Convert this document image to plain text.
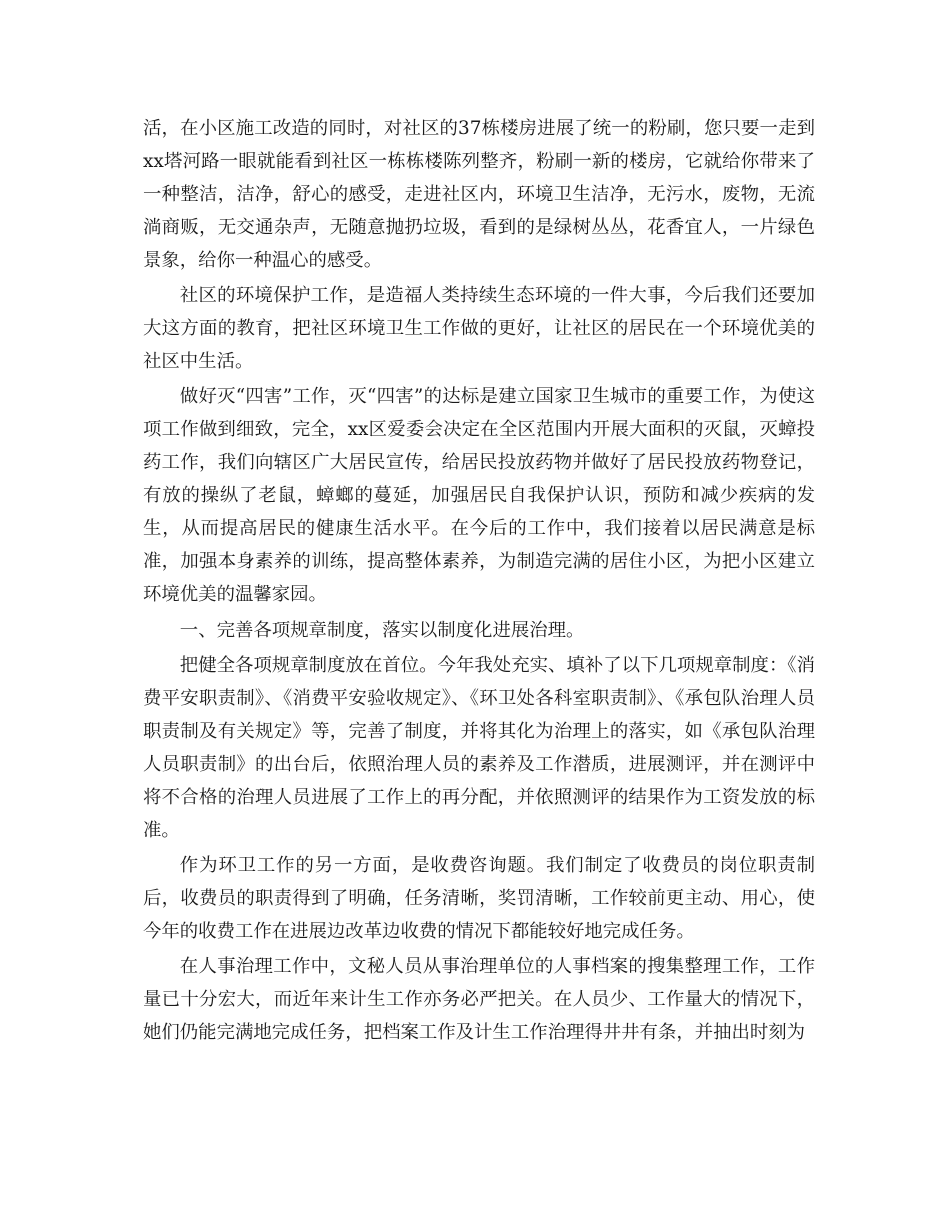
活，在小区施工改造的同时，对社区的37栋楼房进展了统一的粉刷，您只要一走到xx塔河路一眼就能看到社区一栋栋楼陈列整齐，粉刷一新的楼房，它就给你带来了一种整洁，洁净，舒心的感受，走进社区内，环境卫生洁净，无污水，废物，无流淌商贩，无交通杂声，无随意抛扔垃圾，看到的是绿树丛丛，花香宜人，一片绿色景象，给你一种温心的感受。

社区的环境保护工作，是造福人类持续生态环境的一件大事，今后我们还要加大这方面的教育，把社区环境卫生工作做的更好，让社区的居民在一个环境优美的社区中生活。

做好灭“四害”工作，灭“四害”的达标是建立国家卫生城市的重要工作，为使这项工作做到细致，完全，xx区爱委会决定在全区范围内开展大面积的灭鼠，灭蟑投药工作，我们向辖区广大居民宣传，给居民投放药物并做好了居民投放药物登记，有放的操纵了老鼠，蟑螂的蔓延，加强居民自我保护认识，预防和减少疾病的发生，从而提高居民的健康生活水平。在今后的工作中，我们接着以居民满意是标准，加强本身素养的训练，提高整体素养，为制造完满的居住小区，为把小区建立环境优美的温馨家园。

一、完善各项规章制度，落实以制度化进展治理。

把健全各项规章制度放在首位。今年我处充实、填补了以下几项规章制度：《消费平安职责制》、《消费平安验收规定》、《环卫处各科室职责制》、《承包队治理人员职责制及有关规定》等，完善了制度，并将其化为治理上的落实，如《承包队治理人员职责制》的出台后，依照治理人员的素养及工作潜质，进展测评，并在测评中将不合格的治理人员进展了工作上的再分配，并依照测评的结果作为工资发放的标准。

作为环卫工作的另一方面，是收费咨询题。我们制定了收费员的岗位职责制后，收费员的职责得到了明确，任务清晰，奖罚清晰，工作较前更主动、用心，使今年的收费工作在进展边改革边收费的情况下都能较好地完成任务。

在人事治理工作中，文秘人员从事治理单位的人事档案的搜集整理工作，工作量已十分宏大，而近年来计生工作亦务必严把关。在人员少、工作量大的情况下，她们仍能完满地完成任务，把档案工作及计生工作治理得井井有条，并抽出时刻为
